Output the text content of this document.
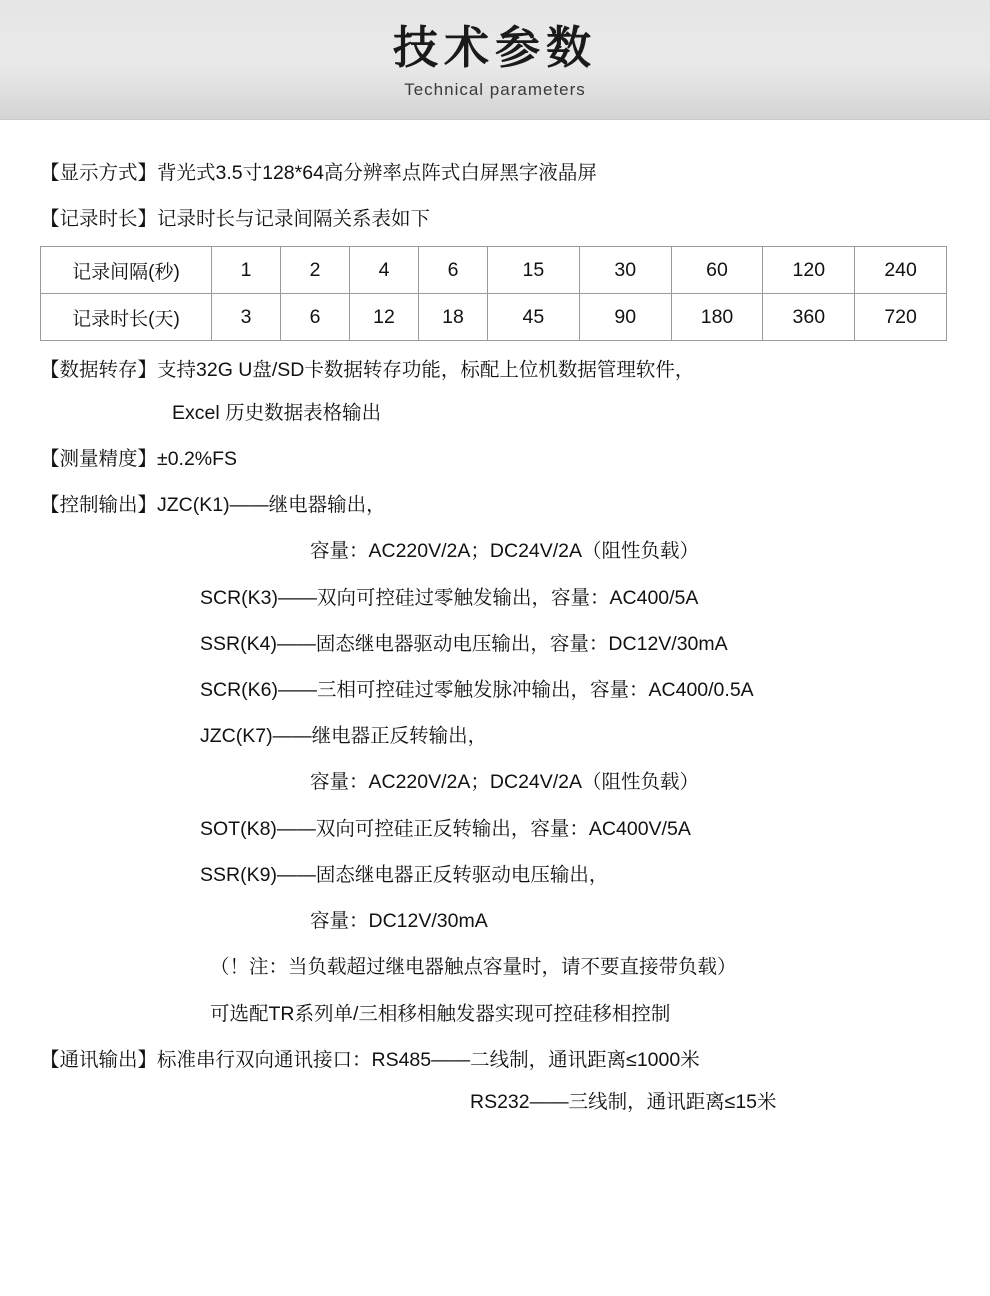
技术参数
Technical parameters
【显示方式】背光式3.5寸128*64高分辨率点阵式白屏黑字液晶屏
【记录时长】记录时长与记录间隔关系表如下
记录间隔(秒)	1	2	4	6	15	30	60	120	240
记录时长(天)	3	6	12	18	45	90	180	360	720
【数据转存】支持32G U盘/SD卡数据转存功能，标配上位机数据管理软件，
Excel 历史数据表格输出
【测量精度】±0.2%FS
【控制输出】JZC(K1)——继电器输出，
容量：AC220V/2A；DC24V/2A（阻性负载）
SCR(K3)——双向可控硅过零触发输出，容量：AC400/5A
SSR(K4)——固态继电器驱动电压输出，容量：DC12V/30mA
SCR(K6)——三相可控硅过零触发脉冲输出，容量：AC400/0.5A
JZC(K7)——继电器正反转输出，
容量：AC220V/2A；DC24V/2A（阻性负载）
SOT(K8)——双向可控硅正反转输出，容量：AC400V/5A
SSR(K9)——固态继电器正反转驱动电压输出，
容量：DC12V/30mA
（！注：当负载超过继电器触点容量时，请不要直接带负载）
可选配TR系列单/三相移相触发器实现可控硅移相控制
【通讯输出】标准串行双向通讯接口：RS485——二线制，通讯距离≤1000米
RS232——三线制，通讯距离≤15米
